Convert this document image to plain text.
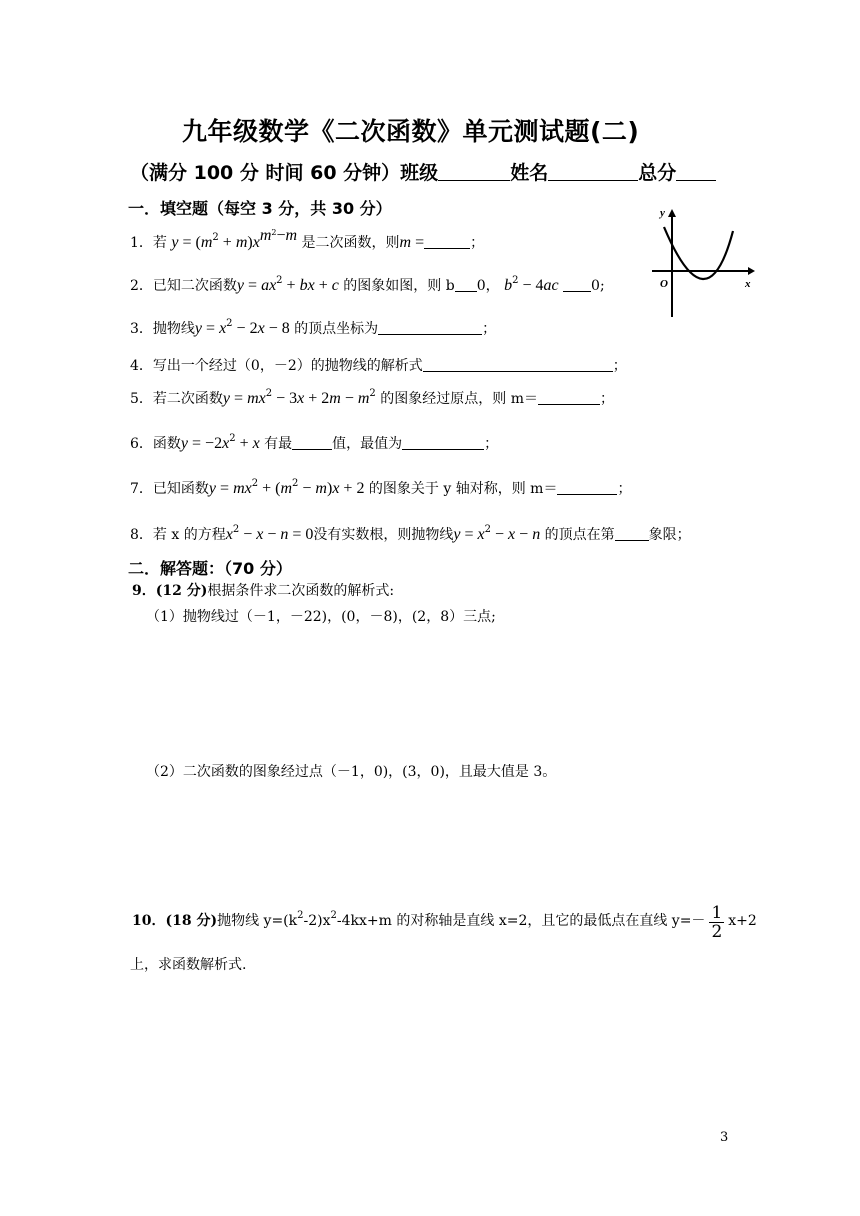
九年级数学《二次函数》单元测试题(二)
（满分 100 分 时间 60 分钟）班级	姓名	总分
一．填空题（每空 3 分，共 30 分）
1．若 $y = (m^2 + m)x^{m^2-m}$ 是二次函数，则m =	；
2．已知二次函数$y = ax^2$ + bx + c 的图象如图，则 b 0， $b^2 - 4ac$ 0;
y
x
O
3．抛物线$y = x^2 - 2x - 8$ 的顶点坐标为	；
4．写出一个经过（0，－2）的抛物线的解析式	；
5．若二次函数$y = mx^2 - 3x + 2m - m^2$ 的图象经过原点，则 m＝	；
6．函数$y = -2x^2 + x$ 有最	值，最值为	；
7．已知函数$y = mx^2 + (m^2 - m)x + 2$ 的图象关于 y 轴对称，则 m＝	；
8．若 x 的方程$x^2 - x - n = 0$没有实数根，则抛物线$y = x^2 - x - n$ 的顶点在第 象限；
二．解答题：（70 分）
9．(12 分)根据条件求二次函数的解析式:
（1）抛物线过（－1，－22)，(0，－8)，(2，8）三点;
（2）二次函数的图象经过点（－1，0)，(3，0)，且最大值是 3。
10．(18 分)抛物线 $y=(k^2-2)x^2-4kx+m$ 的对称轴是直线 x=2，且它的最低点在直线 $y=- \frac{1}{2} x+2$
上，求函数解析式.
3
